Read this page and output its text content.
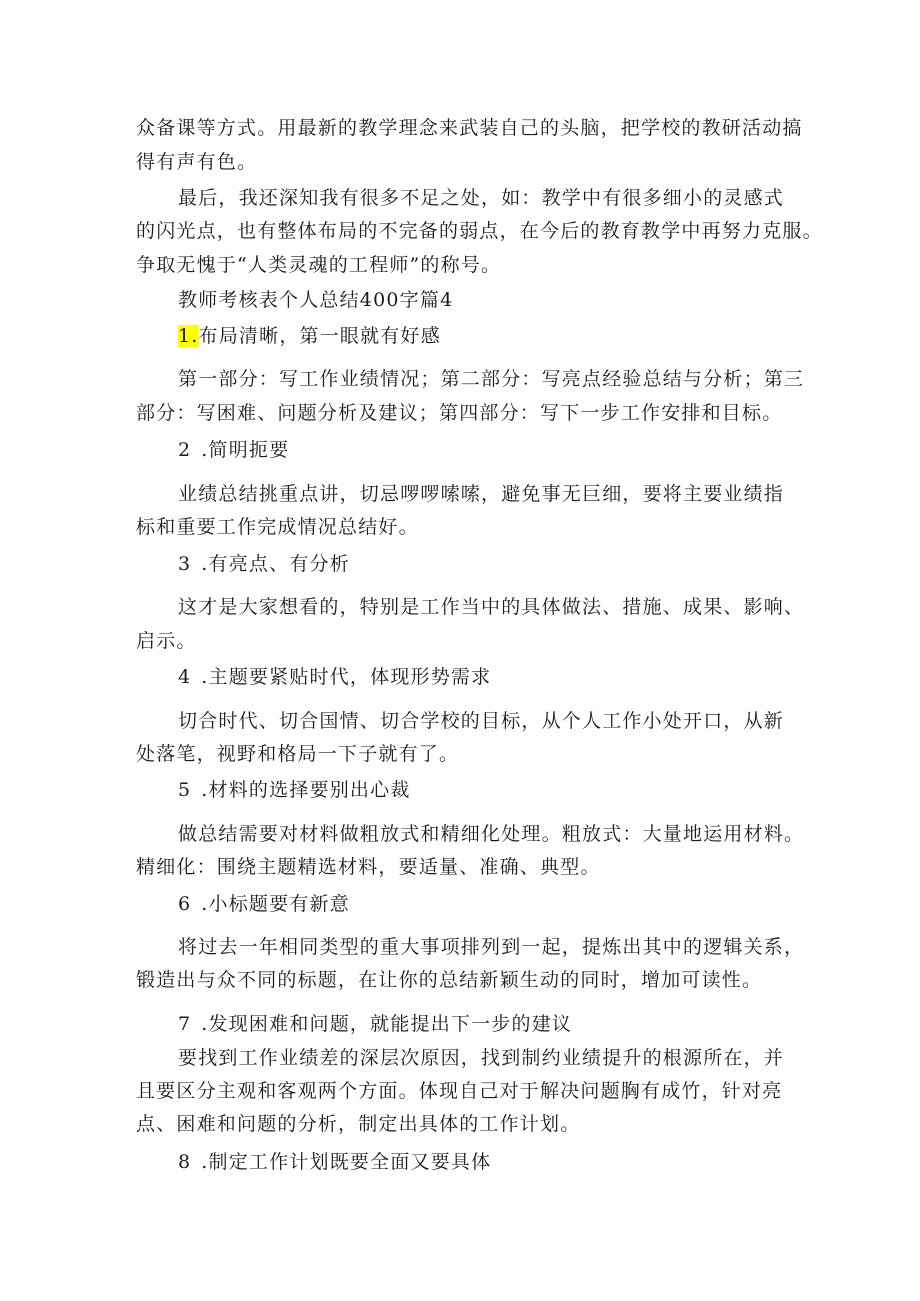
众备课等方式。用最新的教学理念来武装自己的头脑，把学校的教研活动搞
得有声有色。
最后，我还深知我有很多不足之处，如：教学中有很多细小的灵感式
的闪光点，也有整体布局的不完备的弱点，在今后的教育教学中再努力克服。
争取无愧于“人类灵魂的工程师”的称号。
教师考核表个人总结400字篇4
1.布局清晰，第一眼就有好感
第一部分：写工作业绩情况；第二部分：写亮点经验总结与分析；第三
部分：写困难、问题分析及建议；第四部分：写下一步工作安排和目标。
2 .简明扼要
业绩总结挑重点讲，切忌啰啰嗦嗦，避免事无巨细，要将主要业绩指
标和重要工作完成情况总结好。
3 .有亮点、有分析
这才是大家想看的，特别是工作当中的具体做法、措施、成果、影响、
启示。
4 .主题要紧贴时代，体现形势需求
切合时代、切合国情、切合学校的目标，从个人工作小处开口，从新
处落笔，视野和格局一下子就有了。
5 .材料的选择要别出心裁
做总结需要对材料做粗放式和精细化处理。粗放式：大量地运用材料。
精细化：围绕主题精选材料，要适量、准确、典型。
6 .小标题要有新意
将过去一年相同类型的重大事项排列到一起，提炼出其中的逻辑关系，
锻造出与众不同的标题，在让你的总结新颖生动的同时，增加可读性。
7 .发现困难和问题，就能提出下一步的建议
要找到工作业绩差的深层次原因，找到制约业绩提升的根源所在，并
且要区分主观和客观两个方面。体现自己对于解决问题胸有成竹，针对亮
点、困难和问题的分析，制定出具体的工作计划。
8 .制定工作计划既要全面又要具体
